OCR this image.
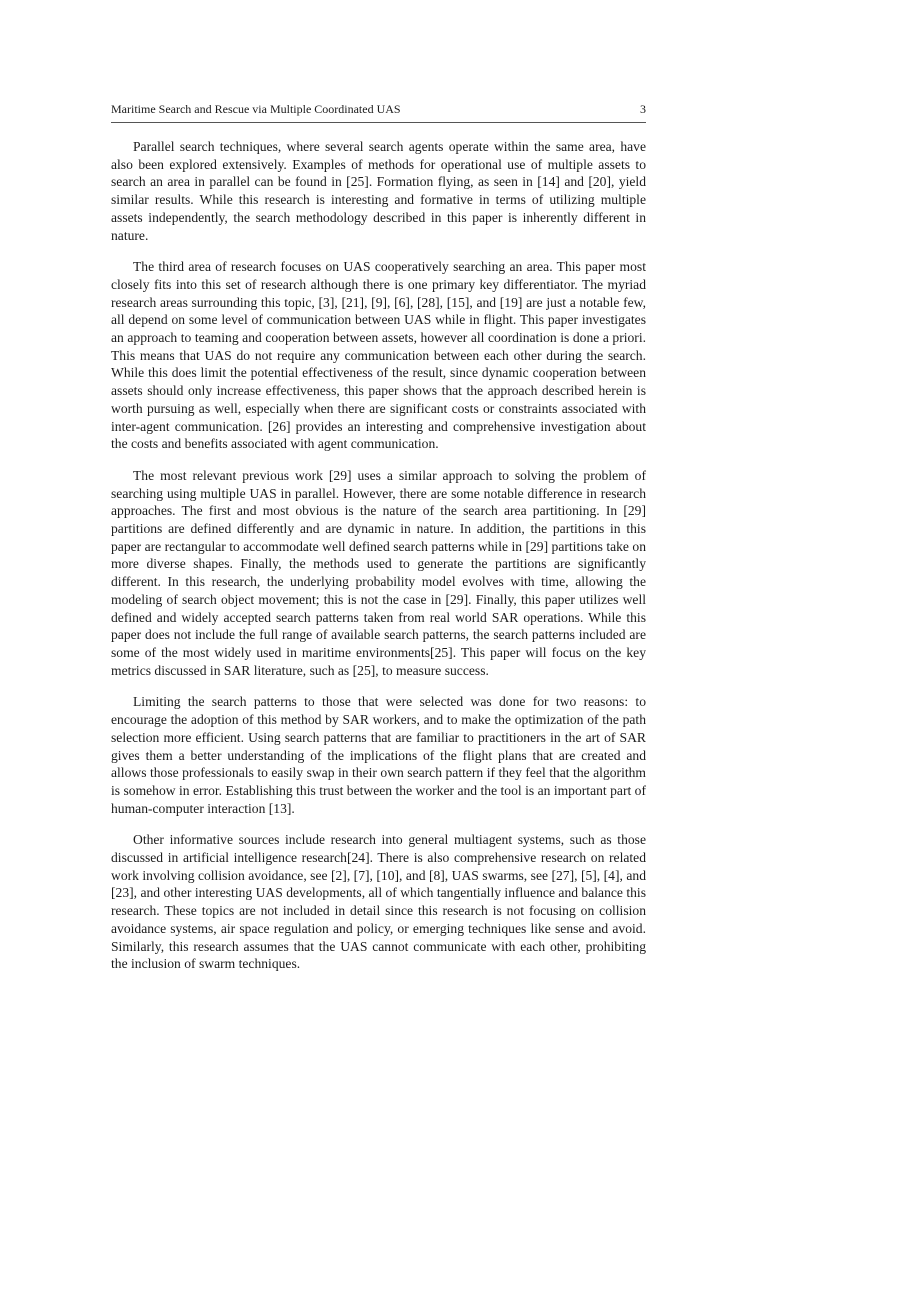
Maritime Search and Rescue via Multiple Coordinated UAS	3

Parallel search techniques, where several search agents operate within the same area, have also been explored extensively. Examples of methods for operational use of multiple assets to search an area in parallel can be found in [25]. Formation flying, as seen in [14] and [20], yield similar results. While this research is interesting and formative in terms of utilizing multiple assets independently, the search methodology described in this paper is inherently different in nature.

The third area of research focuses on UAS cooperatively searching an area. This paper most closely fits into this set of research although there is one primary key differentiator. The myriad research areas surrounding this topic, [3], [21], [9], [6], [28], [15], and [19] are just a notable few, all depend on some level of communication between UAS while in flight. This paper investigates an approach to teaming and cooperation between assets, however all coordination is done a priori. This means that UAS do not require any communication between each other during the search. While this does limit the potential effectiveness of the result, since dynamic cooperation between assets should only increase effectiveness, this paper shows that the approach described herein is worth pursuing as well, especially when there are significant costs or constraints associated with inter-agent communication. [26] provides an interesting and comprehensive investigation about the costs and benefits associated with agent communication.

The most relevant previous work [29] uses a similar approach to solving the problem of searching using multiple UAS in parallel. However, there are some notable difference in research approaches. The first and most obvious is the nature of the search area partitioning. In [29] partitions are defined differently and are dynamic in nature. In addition, the partitions in this paper are rectangular to accommodate well defined search patterns while in [29] partitions take on more diverse shapes. Finally, the methods used to generate the partitions are significantly different. In this research, the underlying probability model evolves with time, allowing the modeling of search object movement; this is not the case in [29]. Finally, this paper utilizes well defined and widely accepted search patterns taken from real world SAR operations. While this paper does not include the full range of available search patterns, the search patterns included are some of the most widely used in maritime environments[25]. This paper will focus on the key metrics discussed in SAR literature, such as [25], to measure success.

Limiting the search patterns to those that were selected was done for two reasons: to encourage the adoption of this method by SAR workers, and to make the optimization of the path selection more efficient. Using search patterns that are familiar to practitioners in the art of SAR gives them a better understanding of the implications of the flight plans that are created and allows those professionals to easily swap in their own search pattern if they feel that the algorithm is somehow in error. Establishing this trust between the worker and the tool is an important part of human-computer interaction [13].

Other informative sources include research into general multiagent systems, such as those discussed in artificial intelligence research[24]. There is also comprehensive research on related work involving collision avoidance, see [2], [7], [10], and [8], UAS swarms, see [27], [5], [4], and [23], and other interesting UAS developments, all of which tangentially influence and balance this research. These topics are not included in detail since this research is not focusing on collision avoidance systems, air space regulation and policy, or emerging techniques like sense and avoid. Similarly, this research assumes that the UAS cannot communicate with each other, prohibiting the inclusion of swarm techniques.
